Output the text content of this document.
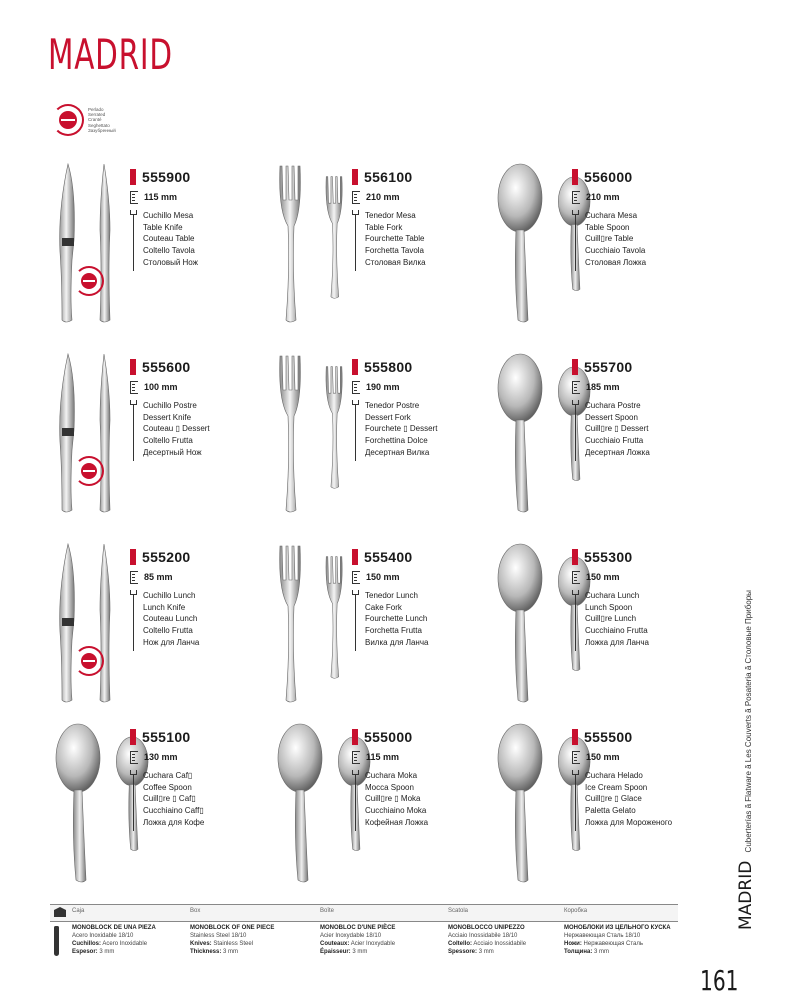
MADRID
Perlado
Serrated
Cranté
Seghettato
Зазубренный
555900
115 mm
Cuchillo Mesa
Table Knife
Couteau Table
Coltello Tavola
Столовый Нож
556100
210 mm
Tenedor Mesa
Table Fork
Fourchette Table
Forchetta Tavola
Столовая Вилка
556000
210 mm
Cuchara Mesa
Table Spoon
Cuill▯re Table
Cucchiaio Tavola
Столовая Ложка
555600
100 mm
Cuchillo Postre
Dessert Knife
Couteau ▯ Dessert
Coltello Frutta
Десертный Нож
555800
190 mm
Tenedor Postre
Dessert Fork
Fourchete ▯ Dessert
Forchettina Dolce
Десертная Вилка
555700
185 mm
Cuchara Postre
Dessert Spoon
Cuill▯re ▯ Dessert
Cucchiaio Frutta
Десертная Ложка
555200
85 mm
Cuchillo Lunch
Lunch Knife
Couteau Lunch
Coltello Frutta
Нож для Ланча
555400
150 mm
Tenedor Lunch
Cake Fork
Fourchette Lunch
Forchetta Frutta
Вилка для Ланча
555300
150 mm
Cuchara Lunch
Lunch Spoon
Cuill▯re Lunch
Cucchiaino Frutta
Ложка для Ланча
555100
130 mm
Cuchara Caf▯
Coffee Spoon
Cuill▯re ▯ Caf▯
Cucchiaino Caff▯
Ложка для Кофе
555000
115 mm
Cuchara Moka
Mocca Spoon
Cuill▯re ▯ Moka
Cucchiaino Moka
Кофейная Ложка
555500
150 mm
Cuchara Helado
Ice Cream Spoon
Cuill▯re ▯ Glace
Paletta Gelato
Ложка для Мороженого
Caja	Box	Boîte	Scatola	Коробка
MONOBLOCK DE UNA PIEZA
Acero Inoxidable 18/10
Cuchillos: Acero Inoxidable
Espesor: 3 mm
MONOBLOCK OF ONE PIECE
Stainless Steel 18/10
Knives: Stainless Steel
Thickness: 3 mm
MONOBLOC D'UNE PIЀCE
Acier Inoxydable 18/10
Couteaux: Acier Inoxydable
Épaisseur: 3 mm
MONOBLOCCO UNIPEZZO
Acciaio Inossidabile 18/10
Coltello: Acciaio Inossidabile
Spessore: 3 mm
МОНОБЛОКИ ИЗ ЦЕЛЬНОГО КУСКА
Нержавеющая Сталь 18/10
Ножи: Нержавеющая Сталь
Толщина: 3 mm
MADRID Cuberterías ă Flatware ă Les Couverts ă Posateria ă Столовые Приборы
161
